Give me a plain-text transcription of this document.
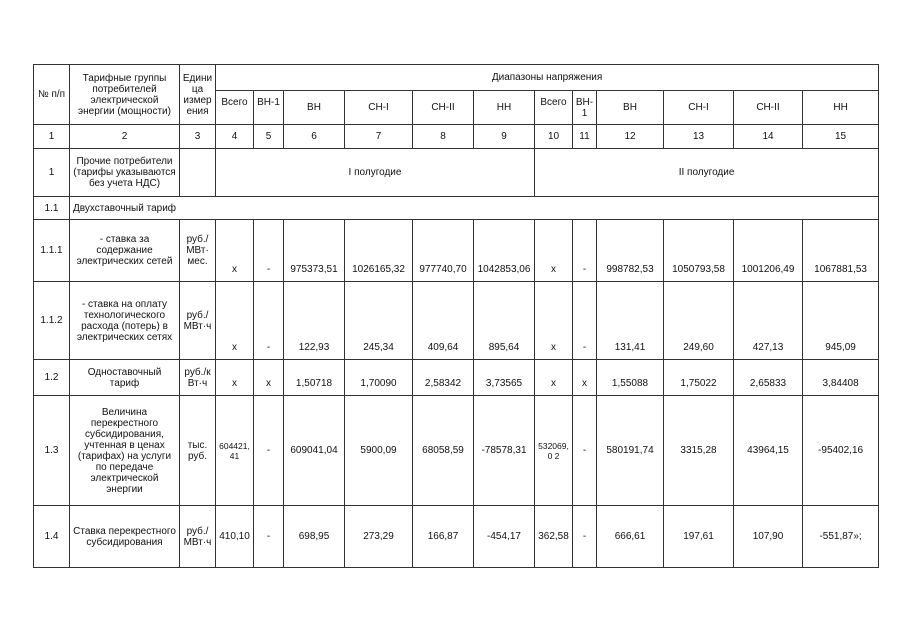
№ п/п	Тарифные группы потребителей электрической энергии (мощности)	Единица измерения	Диапазоны напряжения											
			Всего	ВН-1	ВН	СН-I	СН-II	НН	Всего	ВН-1	ВН	СН-I	СН-II	НН
1	2	3	4	5	6	7	8	9	10	11	12	13	14	15
1	Прочие потребители (тарифы указываются без учета НДС)		I полугодие						II полугодие					
1.1	Двухставочный тариф													
1.1.1	- ставка за содержание электрических сетей	руб./ МВт· мес.	х	-	975373,51	1026165,32	977740,70	1042853,06	х	-	998782,53	1050793,58	1001206,49	1067881,53
1.1.2	- ставка на оплату технологического расхода (потерь) в электрических сетях	руб./ МВт·ч	х	-	122,93	245,34	409,64	895,64	х	-	131,41	249,60	427,13	945,09
1.2	Одноставочный тариф	руб./к Вт·ч	х	х	1,50718	1,70090	2,58342	3,73565	х	х	1,55088	1,75022	2,65833	3,84408
1.3	Величина перекрестного субсидирования, учтенная в ценах (тарифах) на услуги по передаче электрической энергии	тыс. руб.	604421, 41	-	609041,04	5900,09	68058,59	-78578,31	532069,0 2	-	580191,74	3315,28	43964,15	-95402,16
1.4	Ставка перекрестного субсидирования	руб./ МВт·ч	410,10	-	698,95	273,29	166,87	-454,17	362,58	-	666,61	197,61	107,90	-551,87»;
